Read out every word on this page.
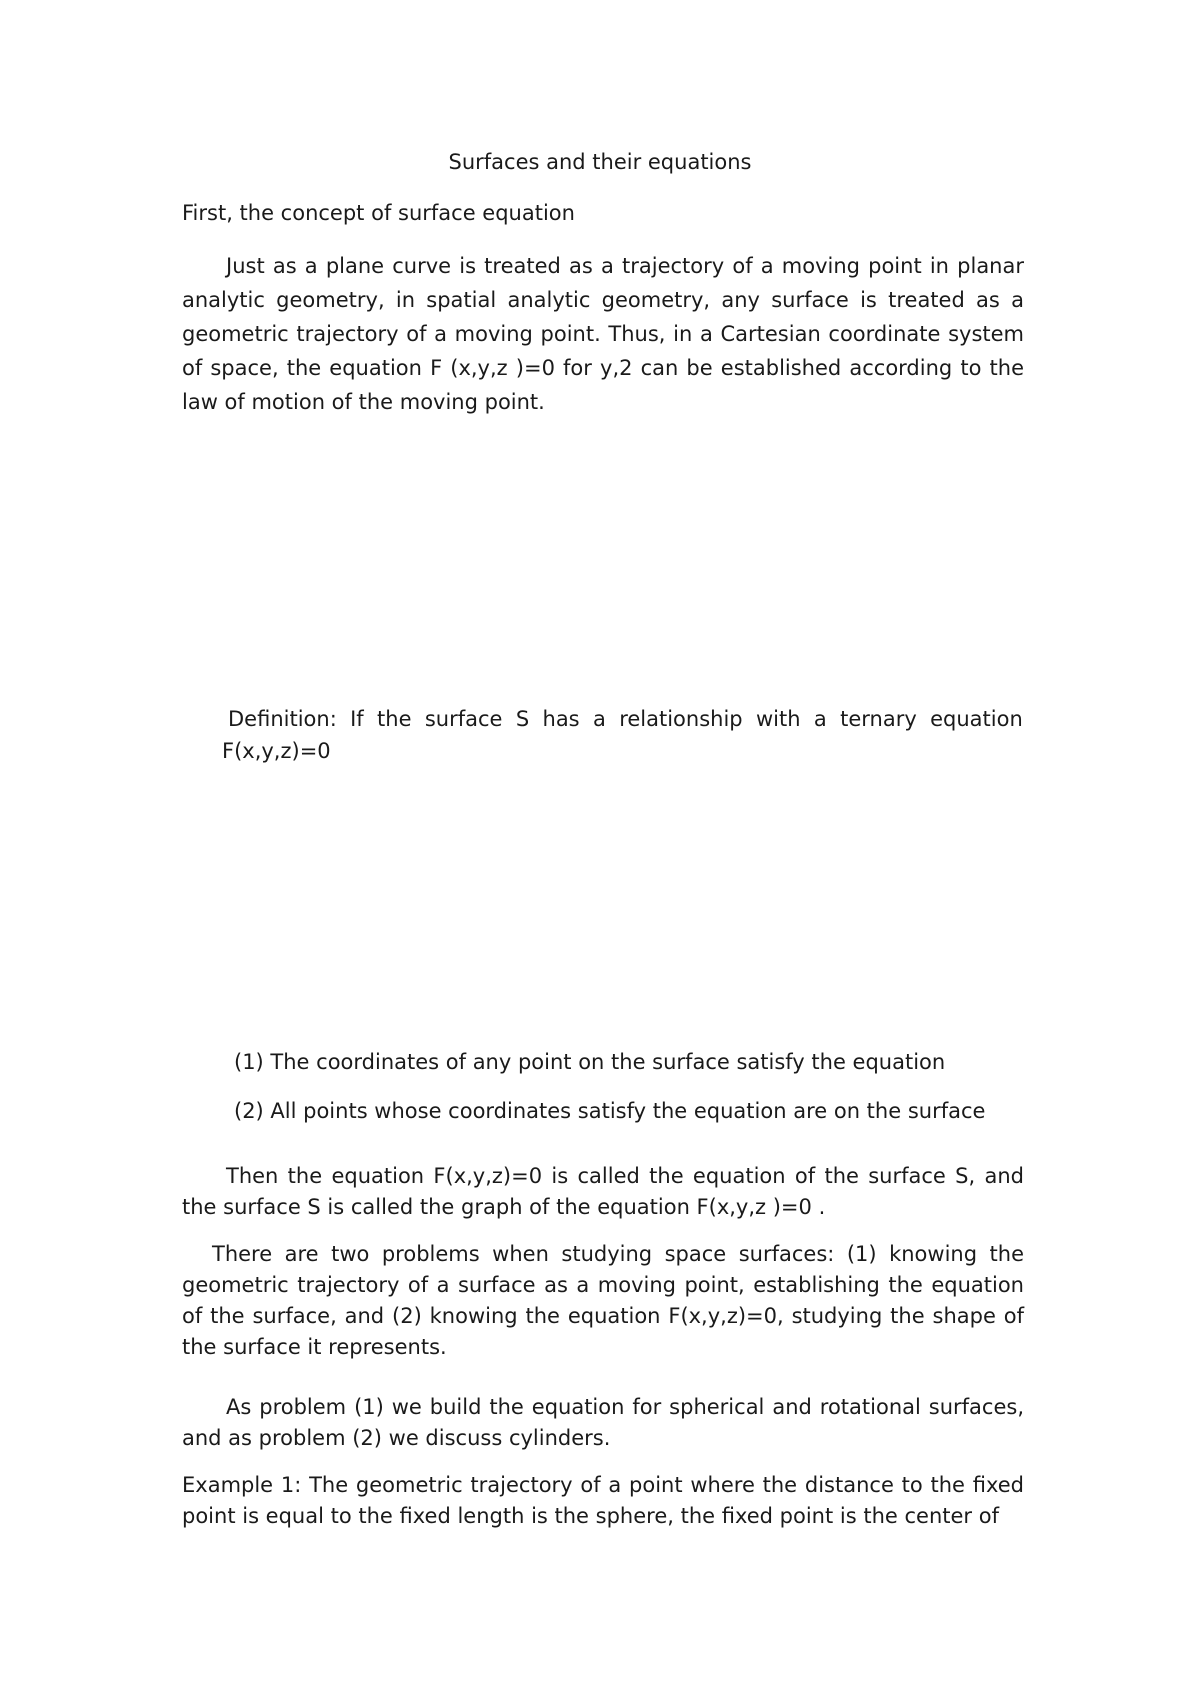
Surfaces and their equations
First, the concept of surface equation
Just as a plane curve is treated as a trajectory of a moving point in planar analytic geometry, in spatial analytic geometry, any surface is treated as a geometric trajectory of a moving point. Thus, in a Cartesian coordinate system of space, the equation F (x,y,z )=0 for y,2 can be established according to the law of motion of the moving point.
Definition:  If  the  surface  S  has  a  relationship  with  a  ternary  equation
F(x,y,z)=0
(1) The coordinates of any point on the surface satisfy the equation
(2) All points whose coordinates satisfy the equation are on the surface
Then the equation F(x,y,z)=0 is called the equation of the surface S, and the surface S is called the graph of the equation F(x,y,z )=0 .
There are two problems when studying space surfaces: (1) knowing the geometric trajectory of a surface as a moving point, establishing the equation of the surface, and (2) knowing the equation F(x,y,z)=0, studying the shape of the surface it represents.
As problem (1) we build the equation for spherical and rotational surfaces, and as problem (2) we discuss cylinders.
Example 1: The geometric trajectory of a point where the distance to the fixed point is equal to the fixed length is the sphere, the fixed point is the center of
